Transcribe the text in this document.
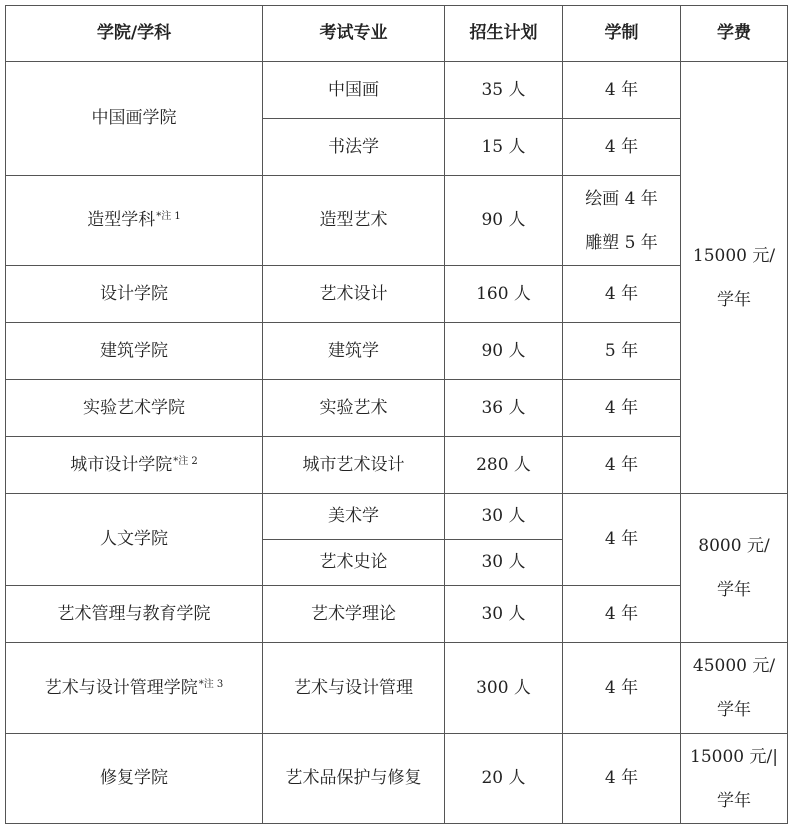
学院/学科	考试专业	招生计划	学制	学费
中国画学院	中国画	35 人	4 年	15000 元/
学年

	书法学	15 人	4 年	
造型学科$^{*注 1}$	造型艺术	90 人	绘画 4 年
雕塑 5 年	

设计学院	艺术设计	160 人	4 年	
建筑学院	建筑学	90 人	5 年	
实验艺术学院	实验艺术	36 人	4 年	
城市设计学院$^{*注 2}$	城市艺术设计	280 人	4 年	
人文学院	美术学	30 人	4 年	8000 元/
学年

	艺术史论	30 人		
艺术管理与教育学院	艺术学理论	30 人	4 年	
艺术与设计管理学院$^{*注 3}$	艺术与设计管理	300 人	4 年	45000 元/
学年

修复学院	艺术品保护与修复	20 人	4 年	15000 元/|
学年
